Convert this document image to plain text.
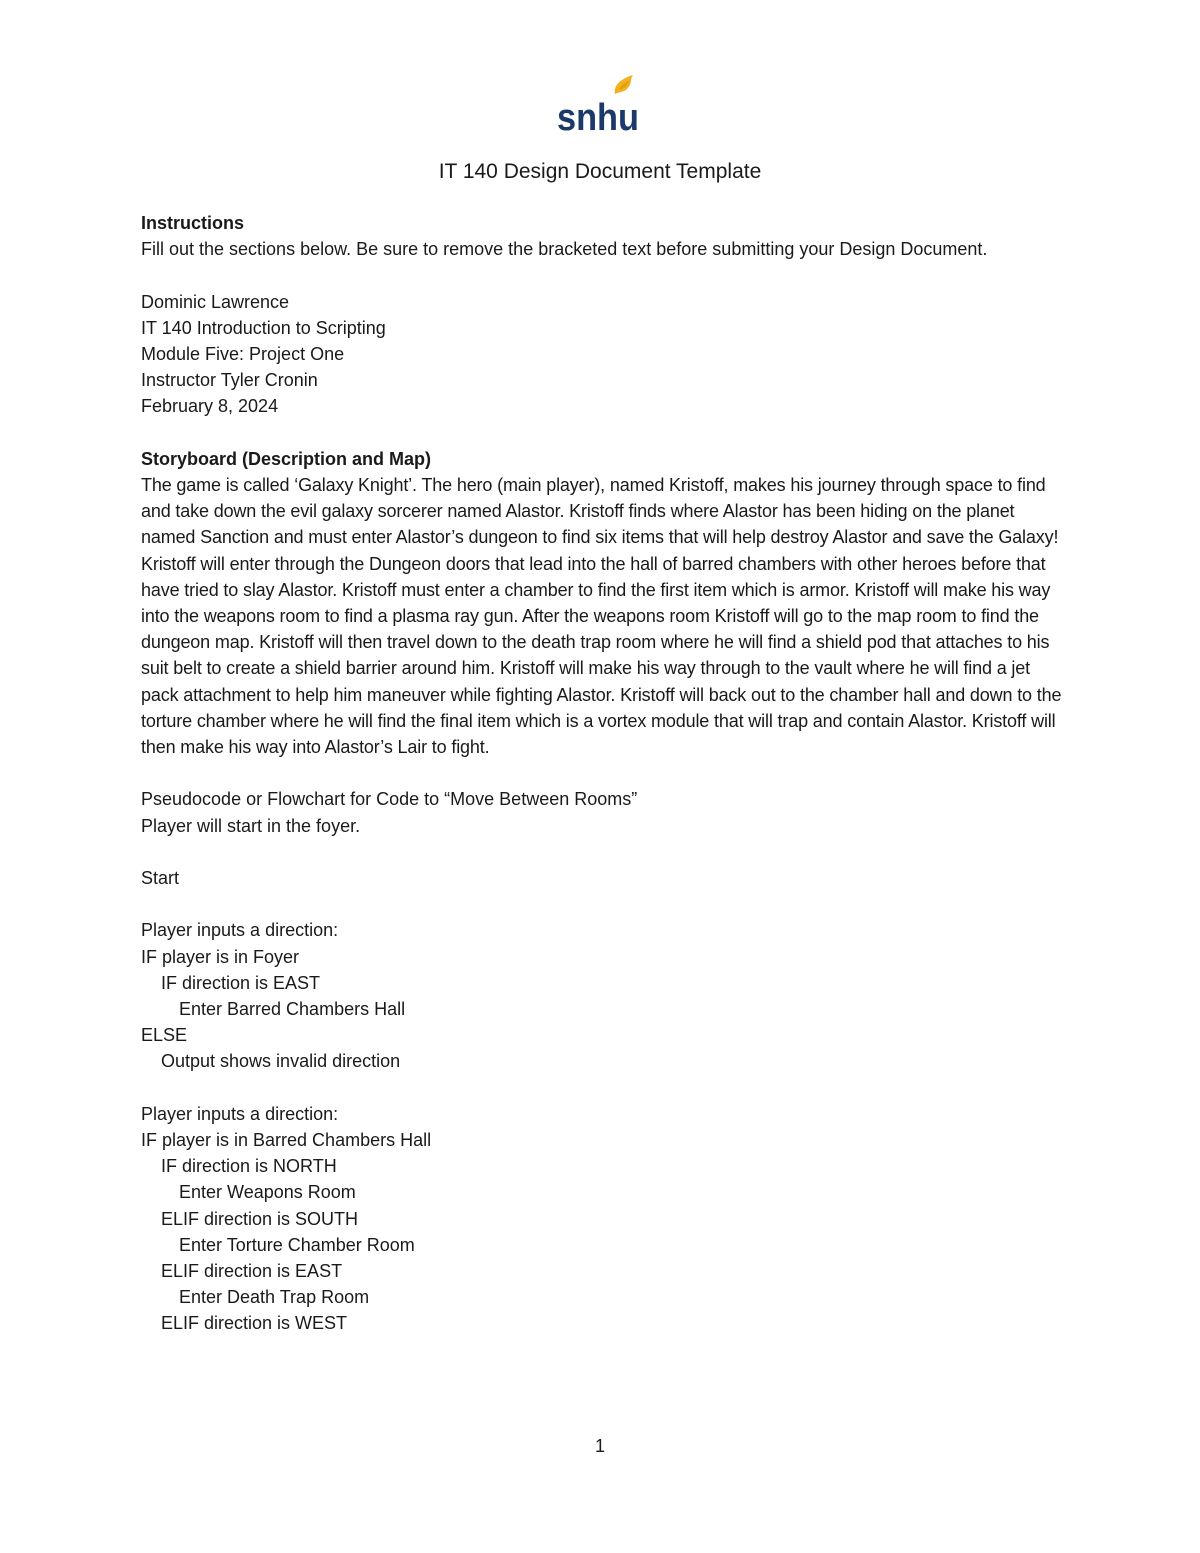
snhu
IT 140 Design Document Template

Instructions

Fill out the sections below. Be sure to remove the bracketed text before submitting your Design Document.

Dominic Lawrence

IT 140 Introduction to Scripting

Module Five: Project One

Instructor Tyler Cronin

February 8, 2024

Storyboard (Description and Map)

The game is called ‘Galaxy Knight’. The hero (main player), named Kristoff, makes his journey through space to find and take down the evil galaxy sorcerer named Alastor. Kristoff finds where Alastor has been hiding on the planet named Sanction and must enter Alastor’s dungeon to find six items that will help destroy Alastor and save the Galaxy! Kristoff will enter through the Dungeon doors that lead into the hall of barred chambers with other heroes before that have tried to slay Alastor. Kristoff must enter a chamber to find the first item which is armor. Kristoff will make his way into the weapons room to find a plasma ray gun. After the weapons room Kristoff will go to the map room to find the dungeon map. Kristoff will then travel down to the death trap room where he will find a shield pod that attaches to his suit belt to create a shield barrier around him. Kristoff will make his way through to the vault where he will find a jet pack attachment to help him maneuver while fighting Alastor. Kristoff will back out to the chamber hall and down to the torture chamber where he will find the final item which is a vortex module that will trap and contain Alastor. Kristoff will then make his way into Alastor’s Lair to fight.

Pseudocode or Flowchart for Code to “Move Between Rooms”

Player will start in the foyer.

Start

Player inputs a direction:

IF player is in Foyer

IF direction is EAST

Enter Barred Chambers Hall

ELSE

Output shows invalid direction

Player inputs a direction:

IF player is in Barred Chambers Hall

IF direction is NORTH

Enter Weapons Room

ELIF direction is SOUTH

Enter Torture Chamber Room

ELIF direction is EAST

Enter Death Trap Room

ELIF direction is WEST

1
